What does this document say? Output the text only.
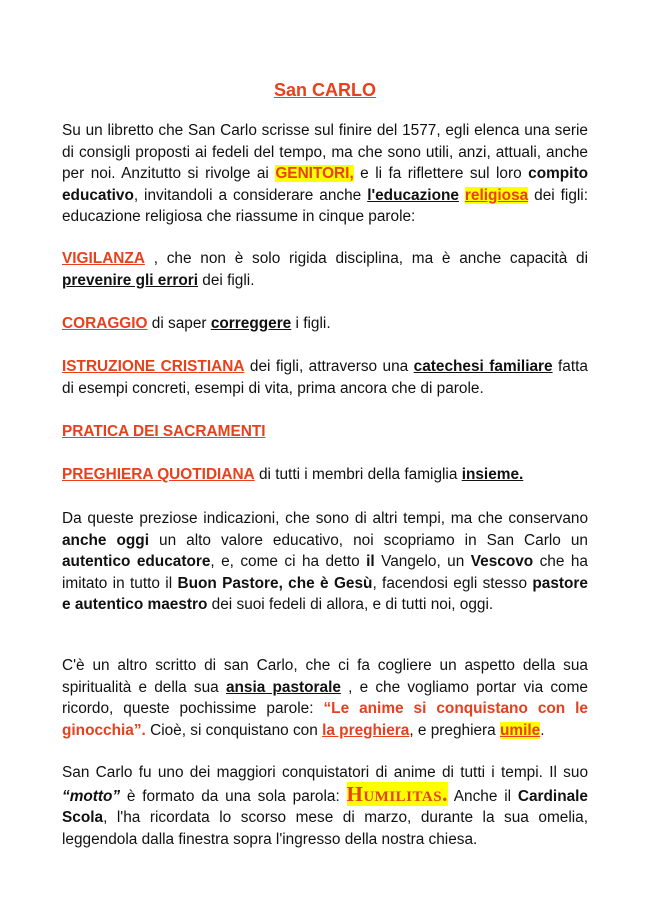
San CARLO
Su un libretto che San Carlo scrisse sul finire del 1577, egli elenca una serie di consigli proposti ai fedeli del tempo, ma che sono utili, anzi, attuali, anche per noi. Anzitutto si rivolge ai GENITORI, e li fa riflettere sul loro compito educativo, invitandoli a considerare anche l'educazione religiosa dei figli: educazione religiosa che riassume in cinque parole:
VIGILANZA , che non è solo rigida disciplina, ma è anche capacità di prevenire gli errori dei figli.
CORAGGIO di saper correggere i figli.
ISTRUZIONE CRISTIANA dei figli, attraverso una catechesi familiare fatta di esempi concreti, esempi di vita, prima ancora che di parole.
PRATICA DEI SACRAMENTI
PREGHIERA QUOTIDIANA di tutti i membri della famiglia insieme.
Da queste preziose indicazioni, che sono di altri tempi, ma che conservano anche oggi un alto valore educativo, noi scopriamo in San Carlo un autentico educatore, e, come ci ha detto il Vangelo, un Vescovo che ha imitato in tutto il Buon Pastore, che è Gesù, facendosi egli stesso pastore e autentico maestro dei suoi fedeli di allora, e di tutti noi, oggi.
C'è un altro scritto di san Carlo, che ci fa cogliere un aspetto della sua spiritualità e della sua ansia pastorale , e che vogliamo portar via come ricordo, queste pochissime parole: “Le anime si conquistano con le ginocchia”. Cioè, si conquistano con la preghiera, e preghiera umile.
San Carlo fu uno dei maggiori conquistatori di anime di tutti i tempi. Il suo “motto” è formato da una sola parola: Humilitas. Anche il Cardinale Scola, l'ha ricordata lo scorso mese di marzo, durante la sua omelia, leggendola dalla finestra sopra l'ingresso della nostra chiesa.
